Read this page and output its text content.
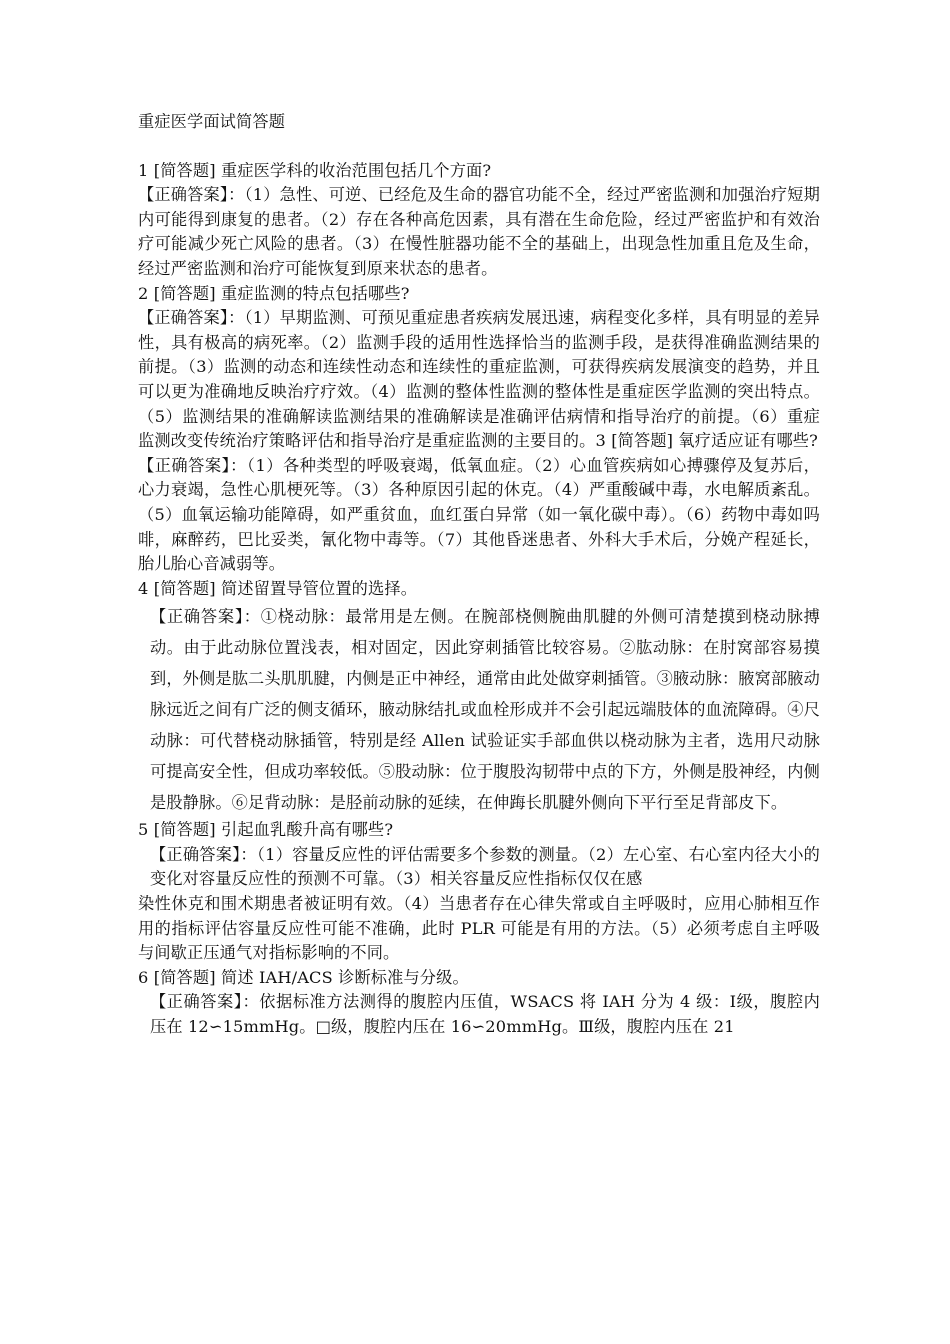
重症医学面试简答题

1 [简答题] 重症医学科的收治范围包括几个方面?

【正确答案】：（1）急性、可逆、已经危及生命的器官功能不全，经过严密监测和加强治疗短期内可能得到康复的患者。（2）存在各种高危因素，具有潜在生命危险，经过严密监护和有效治疗可能减少死亡风险的患者。（3）在慢性脏器功能不全的基础上，出现急性加重且危及生命，经过严密监测和治疗可能恢复到原来状态的患者。

2 [简答题] 重症监测的特点包括哪些?

【正确答案】：（1）早期监测、可预见重症患者疾病发展迅速，病程变化多样，具有明显的差异性，具有极高的病死率。（2）监测手段的适用性选择恰当的监测手段，是获得准确监测结果的前提。（3）监测的动态和连续性动态和连续性的重症监测，可获得疾病发展演变的趋势，并且可以更为准确地反映治疗疗效。（4）监测的整体性监测的整体性是重症医学监测的突出特点。（5）监测结果的准确解读监测结果的准确解读是准确评估病情和指导治疗的前提。（6）重症监测改变传统治疗策略评估和指导治疗是重症监测的主要目的。3 [简答题] 氧疗适应证有哪些?

【正确答案】：（1）各种类型的呼吸衰竭，低氧血症。（2）心血管疾病如心搏骤停及复苏后，心力衰竭，急性心肌梗死等。（3）各种原因引起的休克。（4）严重酸碱中毒，水电解质紊乱。（5）血氧运输功能障碍，如严重贫血，血红蛋白异常（如一氧化碳中毒）。（6）药物中毒如吗啡，麻醉药，巴比妥类，氰化物中毒等。（7）其他昏迷患者、外科大手术后，分娩产程延长，胎儿胎心音减弱等。

4 [简答题] 简述留置导管位置的选择。

【正确答案】：①桡动脉：最常用是左侧。在腕部桡侧腕曲肌腱的外侧可清楚摸到桡动脉搏动。由于此动脉位置浅表，相对固定，因此穿刺插管比较容易。②肱动脉：在肘窝部容易摸到，外侧是肱二头肌肌腱，内侧是正中神经，通常由此处做穿刺插管。③腋动脉：腋窝部腋动脉远近之间有广泛的侧支循环，腋动脉结扎或血栓形成并不会引起远端肢体的血流障碍。④尺动脉：可代替桡动脉插管，特别是经 Allen 试验证实手部血供以桡动脉为主者，选用尺动脉可提高安全性，但成功率较低。⑤股动脉：位于腹股沟韧带中点的下方，外侧是股神经，内侧是股静脉。⑥足背动脉：是胫前动脉的延续，在伸踇长肌腱外侧向下平行至足背部皮下。

5 [简答题] 引起血乳酸升高有哪些?

【正确答案】：（1）容量反应性的评估需要多个参数的测量。（2）左心室、右心室内径大小的变化对容量反应性的预测不可靠。（3）相关容量反应性指标仅仅在感

染性休克和围术期患者被证明有效。（4）当患者存在心律失常或自主呼吸时，应用心肺相互作用的指标评估容量反应性可能不准确，此时 PLR 可能是有用的方法。（5）必须考虑自主呼吸与间歇正压通气对指标影响的不同。

6 [简答题] 简述 IAH/ACS 诊断标准与分级。

【正确答案】：依据标准方法测得的腹腔内压值，WSACS 将 IAH 分为 4 级：Ⅰ级，腹腔内压在 12∽15mmHg。□级，腹腔内压在 16∽20mmHg。Ⅲ级，腹腔内压在 21
